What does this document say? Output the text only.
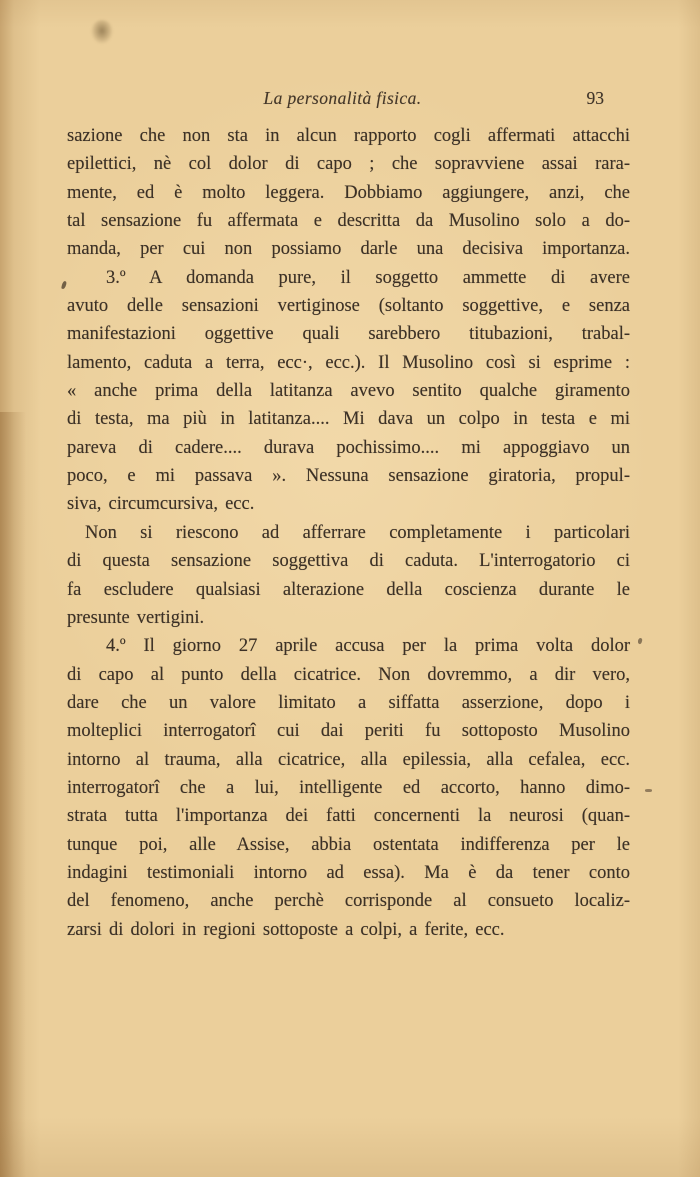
La personalità fisica.	93
sazione che non sta in alcun rapporto cogli affermati attacchi
epilettici, nè col dolor di capo ; che sopravviene assai rara-
mente, ed è molto leggera. Dobbiamo aggiungere, anzi, che
tal sensazione fu affermata e descritta da Musolino solo a do-
manda, per cui non possiamo darle una decisiva importanza.
3.º A domanda pure, il soggetto ammette di avere
avuto delle sensazioni vertiginose (soltanto soggettive, e senza
manifestazioni oggettive quali sarebbero titubazioni, trabal-
lamento, caduta a terra, ecc·, ecc.). Il Musolino così si esprime :
« anche prima della latitanza avevo sentito qualche giramento
di testa, ma più in latitanza.... Mi dava un colpo in testa e mi
pareva di cadere.... durava pochissimo.... mi appoggiavo un
poco, e mi passava ». Nessuna sensazione giratoria, propul-
siva, circumcursiva, ecc.
Non si riescono ad afferrare completamente i particolari
di questa sensazione soggettiva di caduta. L'interrogatorio ci
fa escludere qualsiasi alterazione della coscienza durante le
presunte vertigini.
4.º Il giorno 27 aprile accusa per la prima volta dolor
di capo al punto della cicatrice. Non dovremmo, a dir vero,
dare che un valore limitato a siffatta asserzione, dopo i
molteplici interrogatorî cui dai periti fu sottoposto Musolino
intorno al trauma, alla cicatrice, alla epilessia, alla cefalea, ecc.
interrogatorî che a lui, intelligente ed accorto, hanno dimo-
strata tutta l'importanza dei fatti concernenti la neurosi (quan-
tunque poi, alle Assise, abbia ostentata indifferenza per le
indagini testimoniali intorno ad essa). Ma è da tener conto
del fenomeno, anche perchè corrisponde al consueto localiz-
zarsi di dolori in regioni sottoposte a colpi, a ferite, ecc.
